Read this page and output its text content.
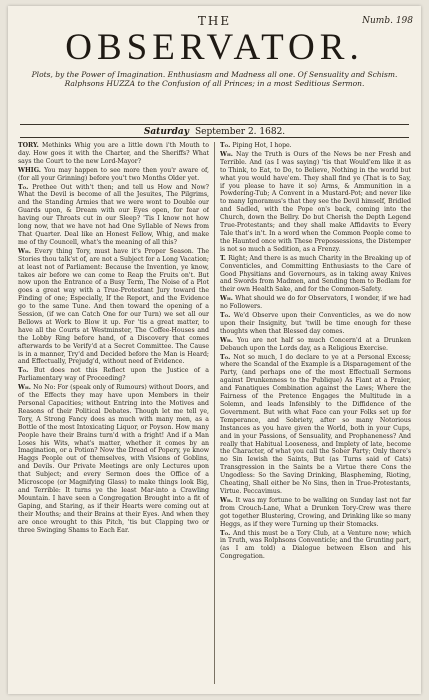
THE	Numb. 198
OBSERVATOR.
Plots, by the Power of Imagination. Enthusiasm and Madness all one. Of Sensuality and Schism. Ralphsons HUZZA to the Confusion of all Princes; in a most Seditious Sermon.
Saturday September 2. 1682.

TORY. Methinks Whig you are a little down i'th Mouth to day. How goes it with the Charter, and the Sheriffs? What says the Court to the new Lord-Mayor?

WHIG. You may happen to see more then you'r aware of, (for all your Grinning) before you't two Months Older yet.

To. Prethee Out with't then; and tell us How and Now? What the Devil is become of all the Jesuites, The Pilgrims, and the Standing Armies that we were wont to Double our Guards upon, & Dream with our Eyes open, for fear of having our Throats cut in our Sleep? 'Tis I know not how long now, that we have not had One Syllable of News from That Quarter. Deal like an Honest Fellow, Whig, and make me of thy Councell, what's the meaning of all this?

Wh. Every thing Tory, must have it's Proper Season. The Stories thou talk'st of, are not a Subject for a Long Vacation; at least not of Parliament: Because the Invention, ye know, takes air before we can come to Reap the Fruits on't. But now upon the Entrance of a Busy Term, The Noise of a Plot goes a great way with a True-Protestant Jury toward the Finding of one; Especially, If the Report, and the Evidence go to the same Tune. And then toward the opening of a Session, (if we can Catch One for our Turn) we set all our Bellows at Work to Blow it up. For 'tis a great matter, to have all the Courts at Westminster, The Coffee-Houses and the Lobby Ring before hand, of a Discovery that comes afterwards to be Verify'd at a Secret Committee. The Cause is in a manner, Try'd and Decided before the Man is Heard; and Effectually, Prejudg'd, without need of Evidence.

To. But does not this Reflect upon the Justice of a Parliamentary way of Proceeding?

Wh. No No: For (speak only of Rumours) without Doors, and of the Effects they may have upon Members in their Personal Capacities; without Entring into the Motives and Reasons of their Political Debates. Though let me tell ye, Tory, A Strong Fancy does as much with many men, as a Bottle of the most Intoxicating Liquor, or Poyson. How many People have their Brains turn'd with a fright! And if a Man Loses his Wits, what's matter, whether it comes by an Imagination, or a Potion? Now the Dread of Popery, ye know Haggs People out of themselves, with Visions of Goblins, and Devils. Our Private Meetings are only Lectures upon that Subject; and every Sermon does the Office of a Microscope (or Magnifying Glass) to make things look Big, and Terrible: It turns ye the least Mar-into a Crawling Mountain. I have seen a Congregation Brought into a fit of Gaping, and Staring, as if their Hearts were coming out at their Mouths; and their Brains at their Eyes. And when they are once wrought to this Pitch, 'tis but Clapping two or three Swinging Shams to Each Ear.

To. Piping Hot, I hope.

Wh. Nay the Truth is Ours of the News be ner Fresh and Terrible. And (as I was saying) 'tis that Would'em like it as to Think, to Eat, to Do, to Believe, Nothing in the world but what you would have'em. They shall find ye (That is to Say, if you please to have it so) Arms, & Ammunition in a Powdering-Tub; A Convent in a Mustard-Pot; and never like to many Ignoramus's that they see the Devil himself, Bridled and Sadled, with the Pope on's back, coming into the Church, down the Bellry. Do but Cherish the Depth Legend True-Protestants; and they shall make Affidavits to Every Tale that's in't. In a word when the Common People come to the Haunted once with These Prepossessions, the Distemper is not so much a Sedition, as a Frenzy.

T. Right; And there is as much Charity in the Breaking up of Conventicles, and Committing Enthusiasts to the Care of Good Physitians and Governours, as in taking away Knives and Swords from Madmen, and Sending them to Bedlam for their own Health Sake, and for the Common-Safety.

Wh. What should we do for Observators, I wonder, if we had no Followers.

To. We'd Observe upon their Conventicles, as we do now upon their Insignity, but 'twill be time enough for these thoughts when that Blessed day comes.

Wh. You are not half so much Concern'd at a Drunken Debauch upon the Lords day, as a Religious Exercise.

To. Not so much, I do declare to ye at a Personal Excess; where the Scandal of the Example is a Disparagement of the Party, (and perhaps one of the most Effectuall Sermons against Drunkenness to the Publique) As Fiant at a Praier, and Fanatiques Combination against the Laws; Where the Fairness of the Pretence Engages the Multitude in a Solemn, and leads Infensibly to the Diffidence of the Government. But with what Face can your Folks set up for Temperance, and Sobriety, after so many Notorious Instances as you have given the World, both in your Cups, and in your Passions, of Sensuality, and Prophaneness? And really that Habitual Looseness, and Implety of late, become the Character, of what you call the Sober Party; Only there's no Sin Iewish the Saints, But (as Turns said of Cats) Transgression in the Saints be a Virtue there Cons the Ungodless: So the Saving Drinking, Blaspheming, Rioting, Cheating, Shall either be No Sins, then in True-Protestants, Virtue. Peccavimus.

Wh. It was my fortune to be walking on Sunday last not far from Crouch-Lane, What a Drunken Tory-Crew was there got together Blustering, Crowing, and Drinking like so many Heggs, as if they were Turning up their Stomacks.

To. And this must be a Tory Club, at a Venture now; which in Truth, was Rolphsons Conventicle; and the Grunting part, (as I am told) a Dialogue between Elson and his Congregation.
